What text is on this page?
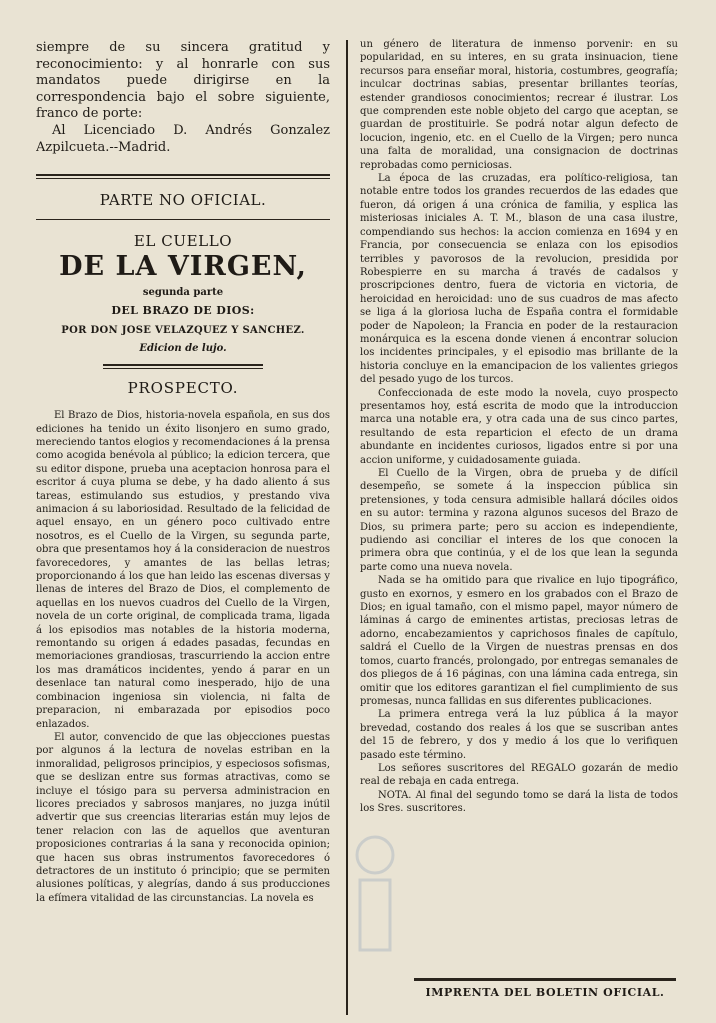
siempre de su sincera gratitud y reconocimiento: y al honrarle con sus mandatos puede dirigirse en la correspondencia bajo el sobre siguiente, franco de porte:

Al Licenciado D. Andrés Gonzalez Azpilcueta.--Madrid.

PARTE NO OFICIAL.

EL CUELLO

DE LA VIRGEN,

segunda parte

DEL BRAZO DE DIOS:

POR DON JOSE VELAZQUEZ Y SANCHEZ.

Edicion de lujo.

PROSPECTO.

El Brazo de Dios, historia-novela española, en sus dos ediciones ha tenido un éxito lisonjero en sumo grado, mereciendo tantos elogios y recomendaciones á la prensa como acogida benévola al público; la edicion tercera, que su editor dispone, prueba una aceptacion honrosa para el escritor á cuya pluma se debe, y ha dado aliento á sus tareas, estimulando sus estudios, y prestando viva animacion á su laboriosidad. Resultado de la felicidad de aquel ensayo, en un género poco cultivado entre nosotros, es el Cuello de la Virgen, su segunda parte, obra que presentamos hoy á la consideracion de nuestros favorecedores, y amantes de las bellas letras; proporcionando á los que han leido las escenas diversas y llenas de interes del Brazo de Dios, el complemento de aquellas en los nuevos cuadros del Cuello de la Virgen, novela de un corte original, de complicada trama, ligada á los episodios mas notables de la historia moderna, remontando su origen á edades pasadas, fecundas en memoriaciones grandiosas, trascurriendo la accion entre los mas dramáticos incidentes, yendo á parar en un desenlace tan natural como inesperado, hijo de una combinacion ingeniosa sin violencia, ni falta de preparacion, ni embarazada por episodios poco enlazados.

El autor, convencido de que las objecciones puestas por algunos á la lectura de novelas estriban en la inmoralidad, peligrosos principios, y especiosos sofismas, que se deslizan entre sus formas atractivas, como se incluye el tósigo para su perversa administracion en licores preciados y sabrosos manjares, no juzga inútil advertir que sus creencias literarias están muy lejos de tener relacion con las de aquellos que aventuran proposiciones contrarias á la sana y reconocida opinion; que hacen sus obras instrumentos favorecedores ó detractores de un instituto ó principio; que se permiten alusiones políticas, y alegrías, dando á sus producciones la efímera vitalidad de las circunstancias. La novela es

un género de literatura de inmenso porvenir: en su popularidad, en su interes, en su grata insinuacion, tiene recursos para enseñar moral, historia, costumbres, geografía; inculcar doctrinas sabias, presentar brillantes teorías, estender grandiosos conocimientos; recrear é ilustrar. Los que comprenden este noble objeto del cargo que aceptan, se guardan de prostituirle. Se podrá notar algun defecto de locucion, ingenio, etc. en el Cuello de la Virgen; pero nunca una falta de moralidad, una consignacion de doctrinas reprobadas como perniciosas.

La época de las cruzadas, era político-religiosa, tan notable entre todos los grandes recuerdos de las edades que fueron, dá origen á una crónica de familia, y esplica las misteriosas iniciales A. T. M., blason de una casa ilustre, compendiando sus hechos: la accion comienza en 1694 y en Francia, por consecuencia se enlaza con los episodios terribles y pavorosos de la revolucion, presidida por Robespierre en su marcha á través de cadalsos y proscripciones dentro, fuera de victoria en victoria, de heroicidad en heroicidad: uno de sus cuadros de mas afecto se liga á la gloriosa lucha de España contra el formidable poder de Napoleon; la Francia en poder de la restauracion monárquica es la escena donde vienen á encontrar solucion los incidentes principales, y el episodio mas brillante de la historia concluye en la emancipacion de los valientes griegos del pesado yugo de los turcos.

Confeccionada de este modo la novela, cuyo prospecto presentamos hoy, está escrita de modo que la introduccion marca una notable era, y otra cada una de sus cinco partes, resultando de esta reparticion el efecto de un drama abundante en incidentes curiosos, ligados entre si por una accion uniforme, y cuidadosamente guiada.

El Cuello de la Virgen, obra de prueba y de difícil desempeño, se somete á la inspeccion pública sin pretensiones, y toda censura admisible hallará dóciles oidos en su autor: termina y razona algunos sucesos del Brazo de Dios, su primera parte; pero su accion es independiente, pudiendo asi conciliar el interes de los que conocen la primera obra que continúa, y el de los que lean la segunda parte como una nueva novela.

Nada se ha omitido para que rivalice en lujo tipográfico, gusto en exornos, y esmero en los grabados con el Brazo de Dios; en igual tamaño, con el mismo papel, mayor número de láminas á cargo de eminentes artistas, preciosas letras de adorno, encabezamientos y caprichosos finales de capítulo, saldrá el Cuello de la Virgen de nuestras prensas en dos tomos, cuarto francés, prolongado, por entregas semanales de dos pliegos de á 16 páginas, con una lámina cada entrega, sin omitir que los editores garantizan el fiel cumplimiento de sus promesas, nunca fallidas en sus diferentes publicaciones.

La primera entrega verá la luz pública á la mayor brevedad, costando dos reales á los que se suscriban antes del 15 de febrero, y dos y medio á los que lo verifiquen pasado este término.

Los señores suscritores del REGALO gozarán de medio real de rebaja en cada entrega.

NOTA. Al final del segundo tomo se dará la lista de todos los Sres. suscritores.

IMPRENTA DEL BOLETIN OFICIAL.
